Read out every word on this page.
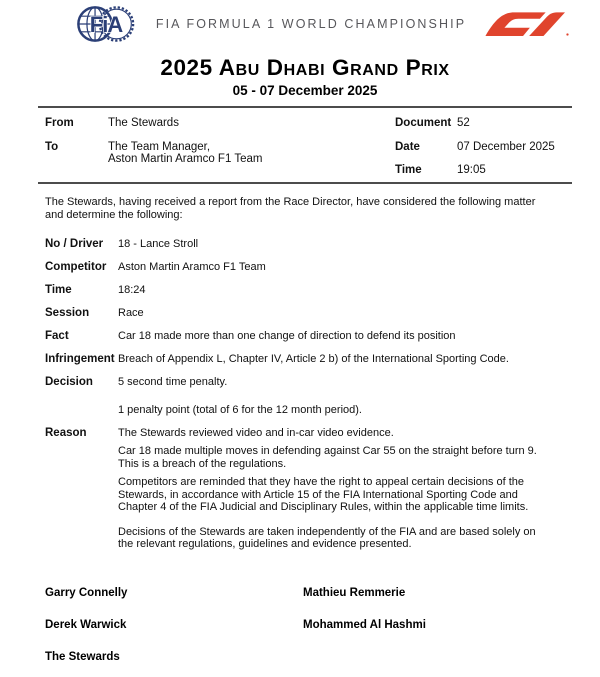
FiA	FIA FORMULA 1 WORLD CHAMPIONSHIP
2025 Abu Dhabi Grand Prix
05 - 07 December 2025
From	The Stewards
To	The Team Manager,
Aston Martin Aramco F1 Team
Document 52
Date	07 December 2025
Time	19:05

The Stewards, having received a report from the Race Director, have considered the following matter and determine the following:

No / Driver	18 - Lance Stroll
Competitor	Aston Martin Aramco F1 Team
Time	18:24
Session	Race
Fact	Car 18 made more than one change of direction to defend its position
Infringement Breach of Appendix L, Chapter IV, Article 2 b) of the International Sporting Code.
Decision	5 second time penalty.

1 penalty point (total of 6 for the 12 month period).

Reason	The Stewards reviewed video and in-car video evidence.

Car 18 made multiple moves in defending against Car 55 on the straight before turn 9. This is a breach of the regulations.

Competitors are reminded that they have the right to appeal certain decisions of the Stewards, in accordance with Article 15 of the FIA International Sporting Code and Chapter 4 of the FIA Judicial and Disciplinary Rules, within the applicable time limits.

Decisions of the Stewards are taken independently of the FIA and are based solely on the relevant regulations, guidelines and evidence presented.

Garry Connelly	Mathieu Remmerie
Derek Warwick	Mohammed Al Hashmi
The Stewards
